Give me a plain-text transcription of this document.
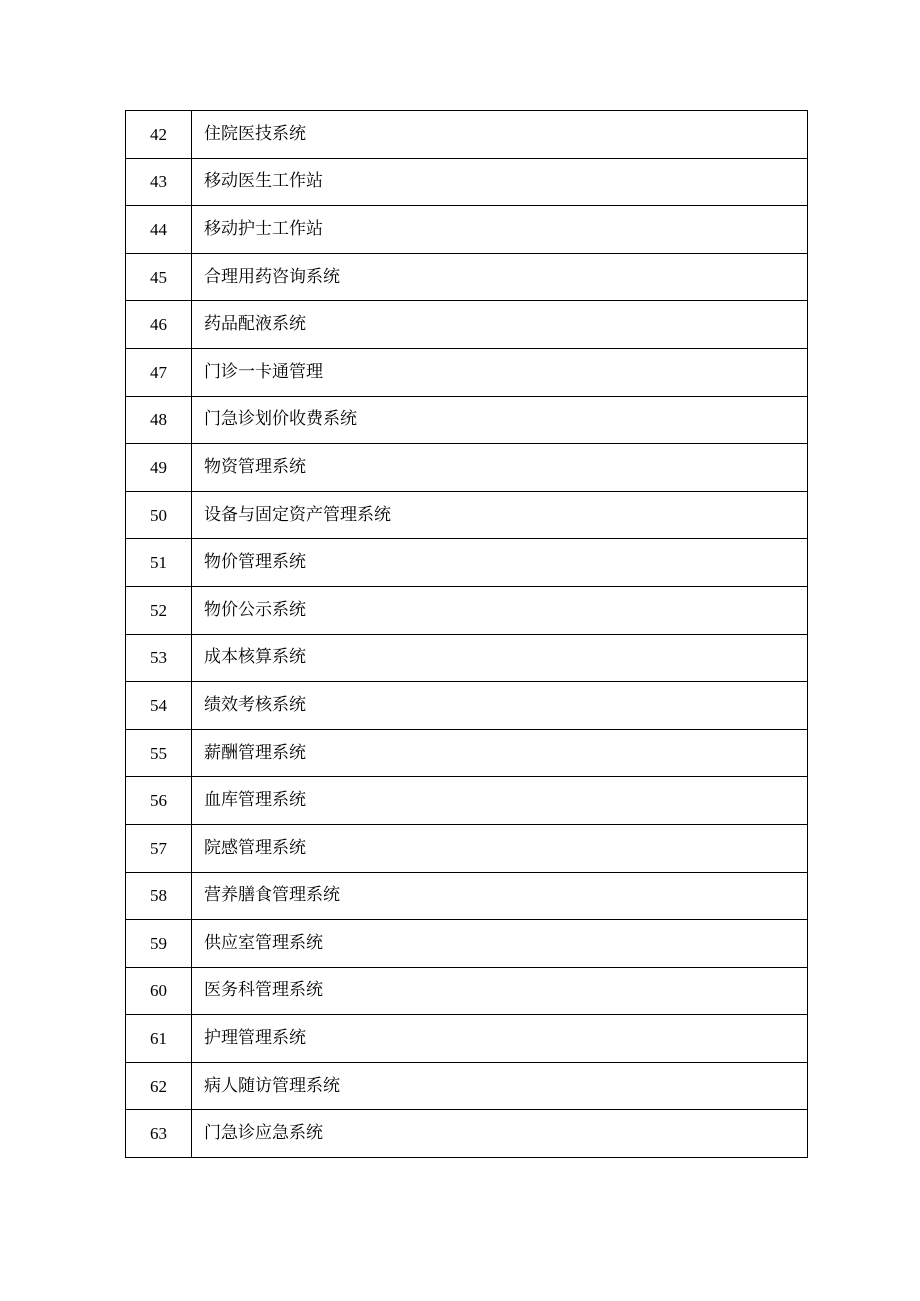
42	住院医技系统
43	移动医生工作站
44	移动护士工作站
45	合理用药咨询系统
46	药品配液系统
47	门诊一卡通管理
48	门急诊划价收费系统
49	物资管理系统
50	设备与固定资产管理系统
51	物价管理系统
52	物价公示系统
53	成本核算系统
54	绩效考核系统
55	薪酬管理系统
56	血库管理系统
57	院感管理系统
58	营养膳食管理系统
59	供应室管理系统
60	医务科管理系统
61	护理管理系统
62	病人随访管理系统
63	门急诊应急系统
